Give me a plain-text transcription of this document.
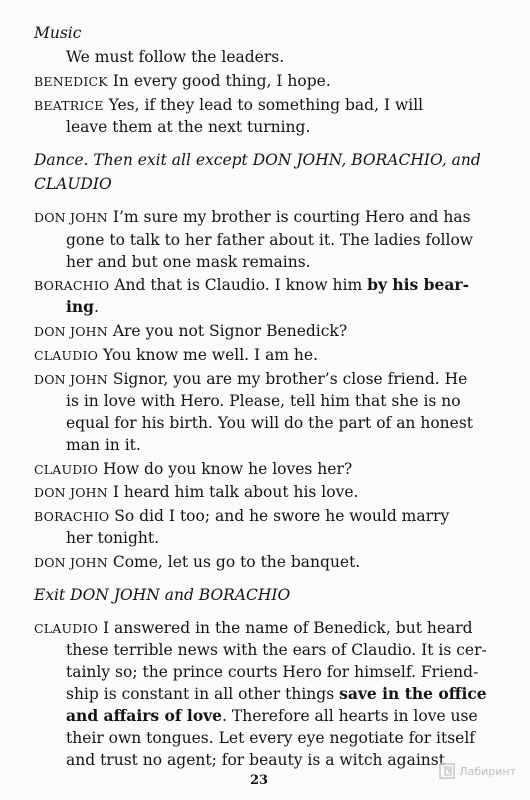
Music
We must follow the leaders.
BENEDICK In every good thing, I hope.
BEATRICE Yes, if they lead to something bad, I will
leave them at the next turning.
Dance. Then exit all except DON JOHN, BORACHIO, and
CLAUDIO
DON JOHN I’m sure my brother is courting Hero and has
gone to talk to her father about it. The ladies follow
her and but one mask remains.
BORACHIO And that is Claudio. I know him by his bear-
ing.
DON JOHN Are you not Signor Benedick?
CLAUDIO You know me well. I am he.
DON JOHN Signor, you are my brother’s close friend. He
is in love with Hero. Please, tell him that she is no
equal for his birth. You will do the part of an honest
man in it.
CLAUDIO How do you know he loves her?
DON JOHN I heard him talk about his love.
BORACHIO So did I too; and he swore he would marry
her tonight.
DON JOHN Come, let us go to the banquet.
Exit DON JOHN and BORACHIO
CLAUDIO I answered in the name of Benedick, but heard
these terrible news with the ears of Claudio. It is cer-
tainly so; the prince courts Hero for himself. Friend-
ship is constant in all other things save in the office
and affairs of love. Therefore all hearts in love use
their own tongues. Let every eye negotiate for itself
and trust no agent; for beauty is a witch against
23
Лабиринт
